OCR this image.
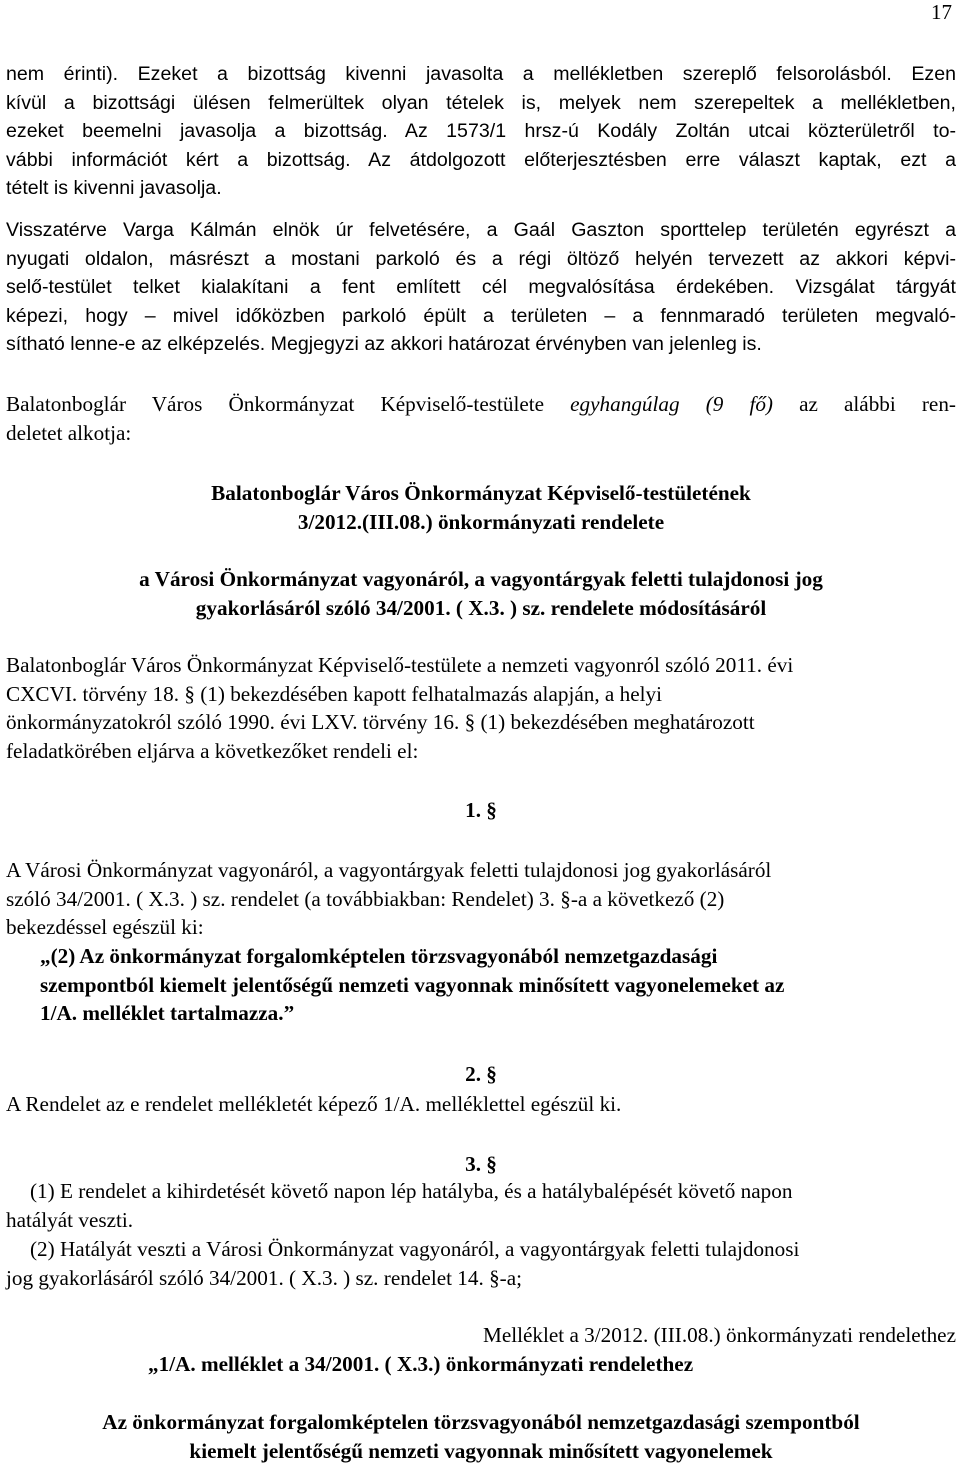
17
nem érinti). Ezeket a bizottság kivenni javasolta a mellékletben szereplő felsorolásból. Ezen
kívül a bizottsági ülésen felmerültek olyan tételek is, melyek nem szerepeltek a mellékletben,
ezeket beemelni javasolja a bizottság. Az 1573/1 hrsz-ú Kodály Zoltán utcai közterületről to-
vábbi információt kért a bizottság. Az átdolgozott előterjesztésben erre választ kaptak, ezt a
tételt is kivenni javasolja.
Visszatérve Varga Kálmán elnök úr felvetésére, a Gaál Gaszton sporttelep területén egyrészt a
nyugati oldalon, másrészt a mostani parkoló és a régi öltöző helyén tervezett az akkori képvi-
selő-testület telket kialakítani a fent említett cél megvalósítása érdekében. Vizsgálat tárgyát
képezi, hogy – mivel időközben parkoló épült a területen – a fennmaradó területen megvaló-
sítható lenne-e az elképzelés. Megjegyzi az akkori határozat érvényben van jelenleg is.
Balatonboglár Város Önkormányzat Képviselő-testülete egyhangúlag (9 fő) az alábbi ren-
deletet alkotja:
Balatonboglár Város Önkormányzat Képviselő-testületének
3/2012.(III.08.) önkormányzati rendelete
a Városi Önkormányzat vagyonáról, a vagyontárgyak feletti tulajdonosi jog
gyakorlásáról szóló 34/2001. ( X.3. ) sz. rendelete módosításáról
Balatonboglár Város Önkormányzat Képviselő-testülete a nemzeti vagyonról szóló 2011. évi
CXCVI. törvény 18. § (1) bekezdésében kapott felhatalmazás alapján, a helyi
önkormányzatokról szóló 1990. évi LXV. törvény 16. § (1) bekezdésében meghatározott
feladatkörében eljárva a következőket rendeli el:
1. §
A Városi Önkormányzat vagyonáról, a vagyontárgyak feletti tulajdonosi jog gyakorlásáról
szóló 34/2001. ( X.3. ) sz. rendelet (a továbbiakban: Rendelet) 3. §-a a következő (2)
bekezdéssel egészül ki:
„(2) Az önkormányzat forgalomképtelen törzsvagyonából nemzetgazdasági
szempontból kiemelt jelentőségű nemzeti vagyonnak minősített vagyonelemeket az
1/A. melléklet tartalmazza.”
2. §
A Rendelet az e rendelet mellékletét képező 1/A. melléklettel egészül ki.
3. §
(1) E rendelet a kihirdetését követő napon lép hatályba, és a hatálybalépését követő napon
hatályát veszti.
(2) Hatályát veszti a Városi Önkormányzat vagyonáról, a vagyontárgyak feletti tulajdonosi
jog gyakorlásáról szóló 34/2001. ( X.3. ) sz. rendelet 14. §-a;
Melléklet a 3/2012. (III.08.) önkormányzati rendelethez
„1/A. melléklet a 34/2001. ( X.3.) önkormányzati rendelethez
Az önkormányzat forgalomképtelen törzsvagyonából nemzetgazdasági szempontból
kiemelt jelentőségű nemzeti vagyonnak minősített vagyonelemek
